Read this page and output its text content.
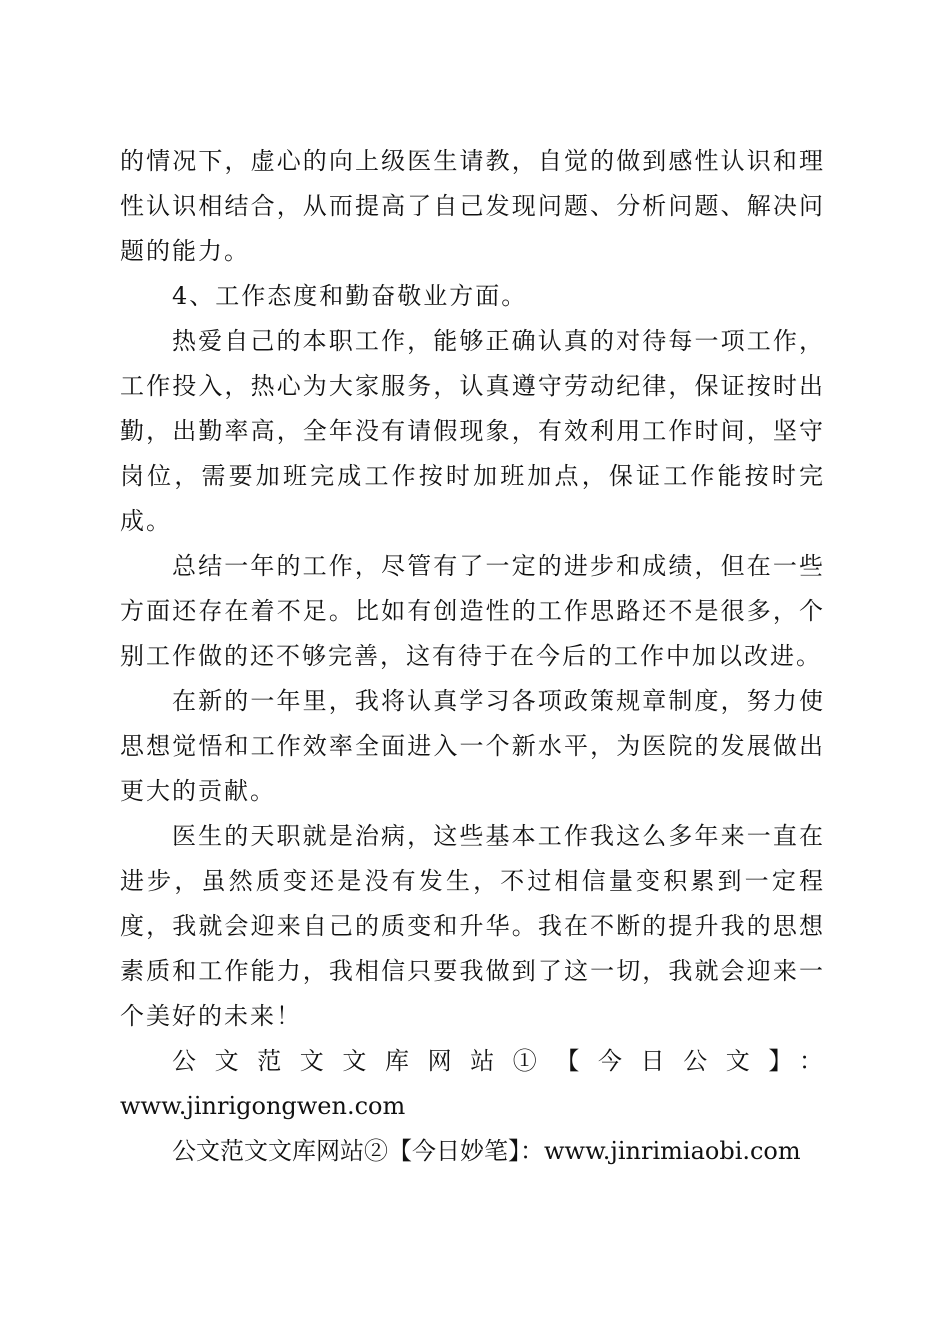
的情况下，虚心的向上级医生请教，自觉的做到感性认识和理性认识相结合，从而提高了自己发现问题、分析问题、解决问题的能力。

4、工作态度和勤奋敬业方面。

热爱自己的本职工作，能够正确认真的对待每一项工作，工作投入，热心为大家服务，认真遵守劳动纪律，保证按时出勤，出勤率高，全年没有请假现象，有效利用工作时间，坚守岗位，需要加班完成工作按时加班加点，保证工作能按时完成。

总结一年的工作，尽管有了一定的进步和成绩，但在一些方面还存在着不足。比如有创造性的工作思路还不是很多，个别工作做的还不够完善，这有待于在今后的工作中加以改进。

在新的一年里，我将认真学习各项政策规章制度，努力使思想觉悟和工作效率全面进入一个新水平，为医院的发展做出更大的贡献。

医生的天职就是治病，这些基本工作我这么多年来一直在进步，虽然质变还是没有发生，不过相信量变积累到一定程度，我就会迎来自己的质变和升华。我在不断的提升我的思想素质和工作能力，我相信只要我做到了这一切，我就会迎来一个美好的未来！

公文范文文库网站①【今日公文】：

www.jinrigongwen.com

公文范文文库网站②【今日妙笔】：www.jinrimiaobi.com
